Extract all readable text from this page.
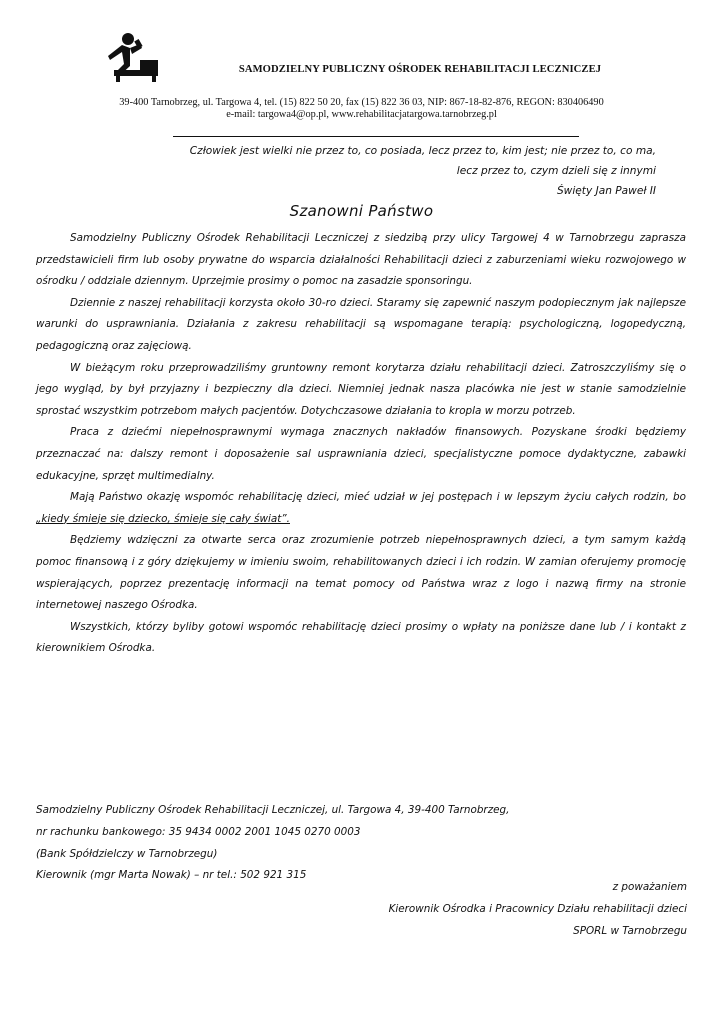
SAMODZIELNY PUBLICZNY OŚRODEK REHABILITACJI LECZNICZEJ
39-400 Tarnobrzeg, ul. Targowa 4, tel. (15) 822 50 20, fax (15) 822 36 03, NIP: 867-18-82-876, REGON: 830406490
e-mail: targowa4@op.pl, www.rehabilitacjatargowa.tarnobrzeg.pl
Człowiek jest wielki nie przez to, co posiada, lecz przez to, kim jest; nie przez to, co ma,
lecz przez to, czym dzieli się z innymi
Święty Jan Paweł II
Szanowni Państwo

Samodzielny Publiczny Ośrodek Rehabilitacji Leczniczej z siedzibą przy ulicy Targowej 4 w Tarnobrzegu zaprasza przedstawicieli firm lub osoby prywatne do wsparcia działalności Rehabilitacji dzieci z zaburzeniami wieku rozwojowego w ośrodku / oddziale dziennym. Uprzejmie prosimy o pomoc na zasadzie sponsoringu.

Dziennie z naszej rehabilitacji korzysta około 30-ro dzieci. Staramy się zapewnić naszym podopiecznym jak najlepsze warunki do usprawniania. Działania z zakresu rehabilitacji są wspomagane terapią: psychologiczną, logopedyczną, pedagogiczną oraz zajęciową.

W bieżącym roku przeprowadziliśmy gruntowny remont korytarza działu rehabilitacji dzieci. Zatroszczyliśmy się o jego wygląd, by był przyjazny i bezpieczny dla dzieci. Niemniej jednak nasza placówka nie jest w stanie samodzielnie sprostać wszystkim potrzebom małych pacjentów. Dotychczasowe działania to kropla w morzu potrzeb.

Praca z dziećmi niepełnosprawnymi wymaga znacznych nakładów finansowych. Pozyskane środki będziemy przeznaczać na: dalszy remont i doposażenie sal usprawniania dzieci, specjalistyczne pomoce dydaktyczne, zabawki edukacyjne, sprzęt multimedialny.

Mają Państwo okazję wspomóc rehabilitację dzieci, mieć udział w jej postępach i w lepszym życiu całych rodzin, bo „kiedy śmieje się dziecko, śmieje się cały świat”.

Będziemy wdzięczni za otwarte serca oraz zrozumienie potrzeb niepełnosprawnych dzieci, a tym samym każdą pomoc finansową i z góry dziękujemy w imieniu swoim, rehabilitowanych dzieci i ich rodzin. W zamian oferujemy promocję wspierających, poprzez prezentację informacji na temat pomocy od Państwa wraz z logo i nazwą firmy na stronie internetowej naszego Ośrodka.

Wszystkich, którzy byliby gotowi wspomóc rehabilitację dzieci prosimy o wpłaty na poniższe dane lub / i kontakt z kierownikiem Ośrodka.

Samodzielny Publiczny Ośrodek Rehabilitacji Leczniczej, ul. Targowa 4, 39-400 Tarnobrzeg,
nr rachunku bankowego: 35 9434 0002 2001 1045 0270 0003
(Bank Spółdzielczy w Tarnobrzegu)
Kierownik (mgr Marta Nowak) – nr tel.: 502 921 315
z poważaniem
Kierownik Ośrodka i Pracownicy Działu rehabilitacji dzieci
SPORL w Tarnobrzegu
